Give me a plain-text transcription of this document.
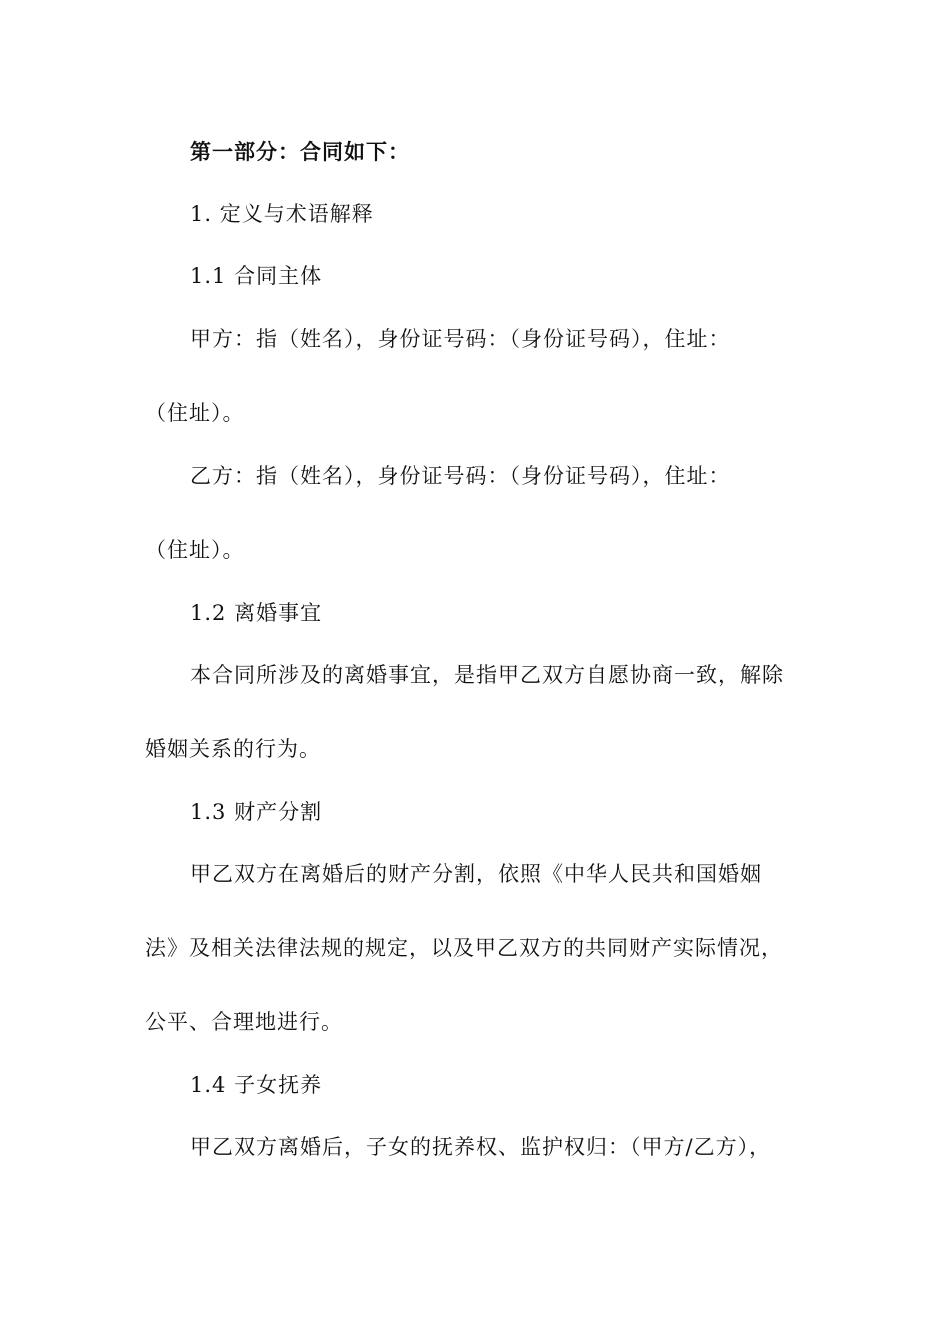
第一部分：合同如下：
1. 定义与术语解释
1.1 合同主体
甲方：指（姓名），身份证号码：（身份证号码），住址：
（住址）。
乙方：指（姓名），身份证号码：（身份证号码），住址：
（住址）。
1.2 离婚事宜
本合同所涉及的离婚事宜，是指甲乙双方自愿协商一致，解除
婚姻关系的行为。
1.3 财产分割
甲乙双方在离婚后的财产分割，依照《中华人民共和国婚姻
法》及相关法律法规的规定，以及甲乙双方的共同财产实际情况，
公平、合理地进行。
1.4 子女抚养
甲乙双方离婚后，子女的抚养权、监护权归：（甲方/乙方），
